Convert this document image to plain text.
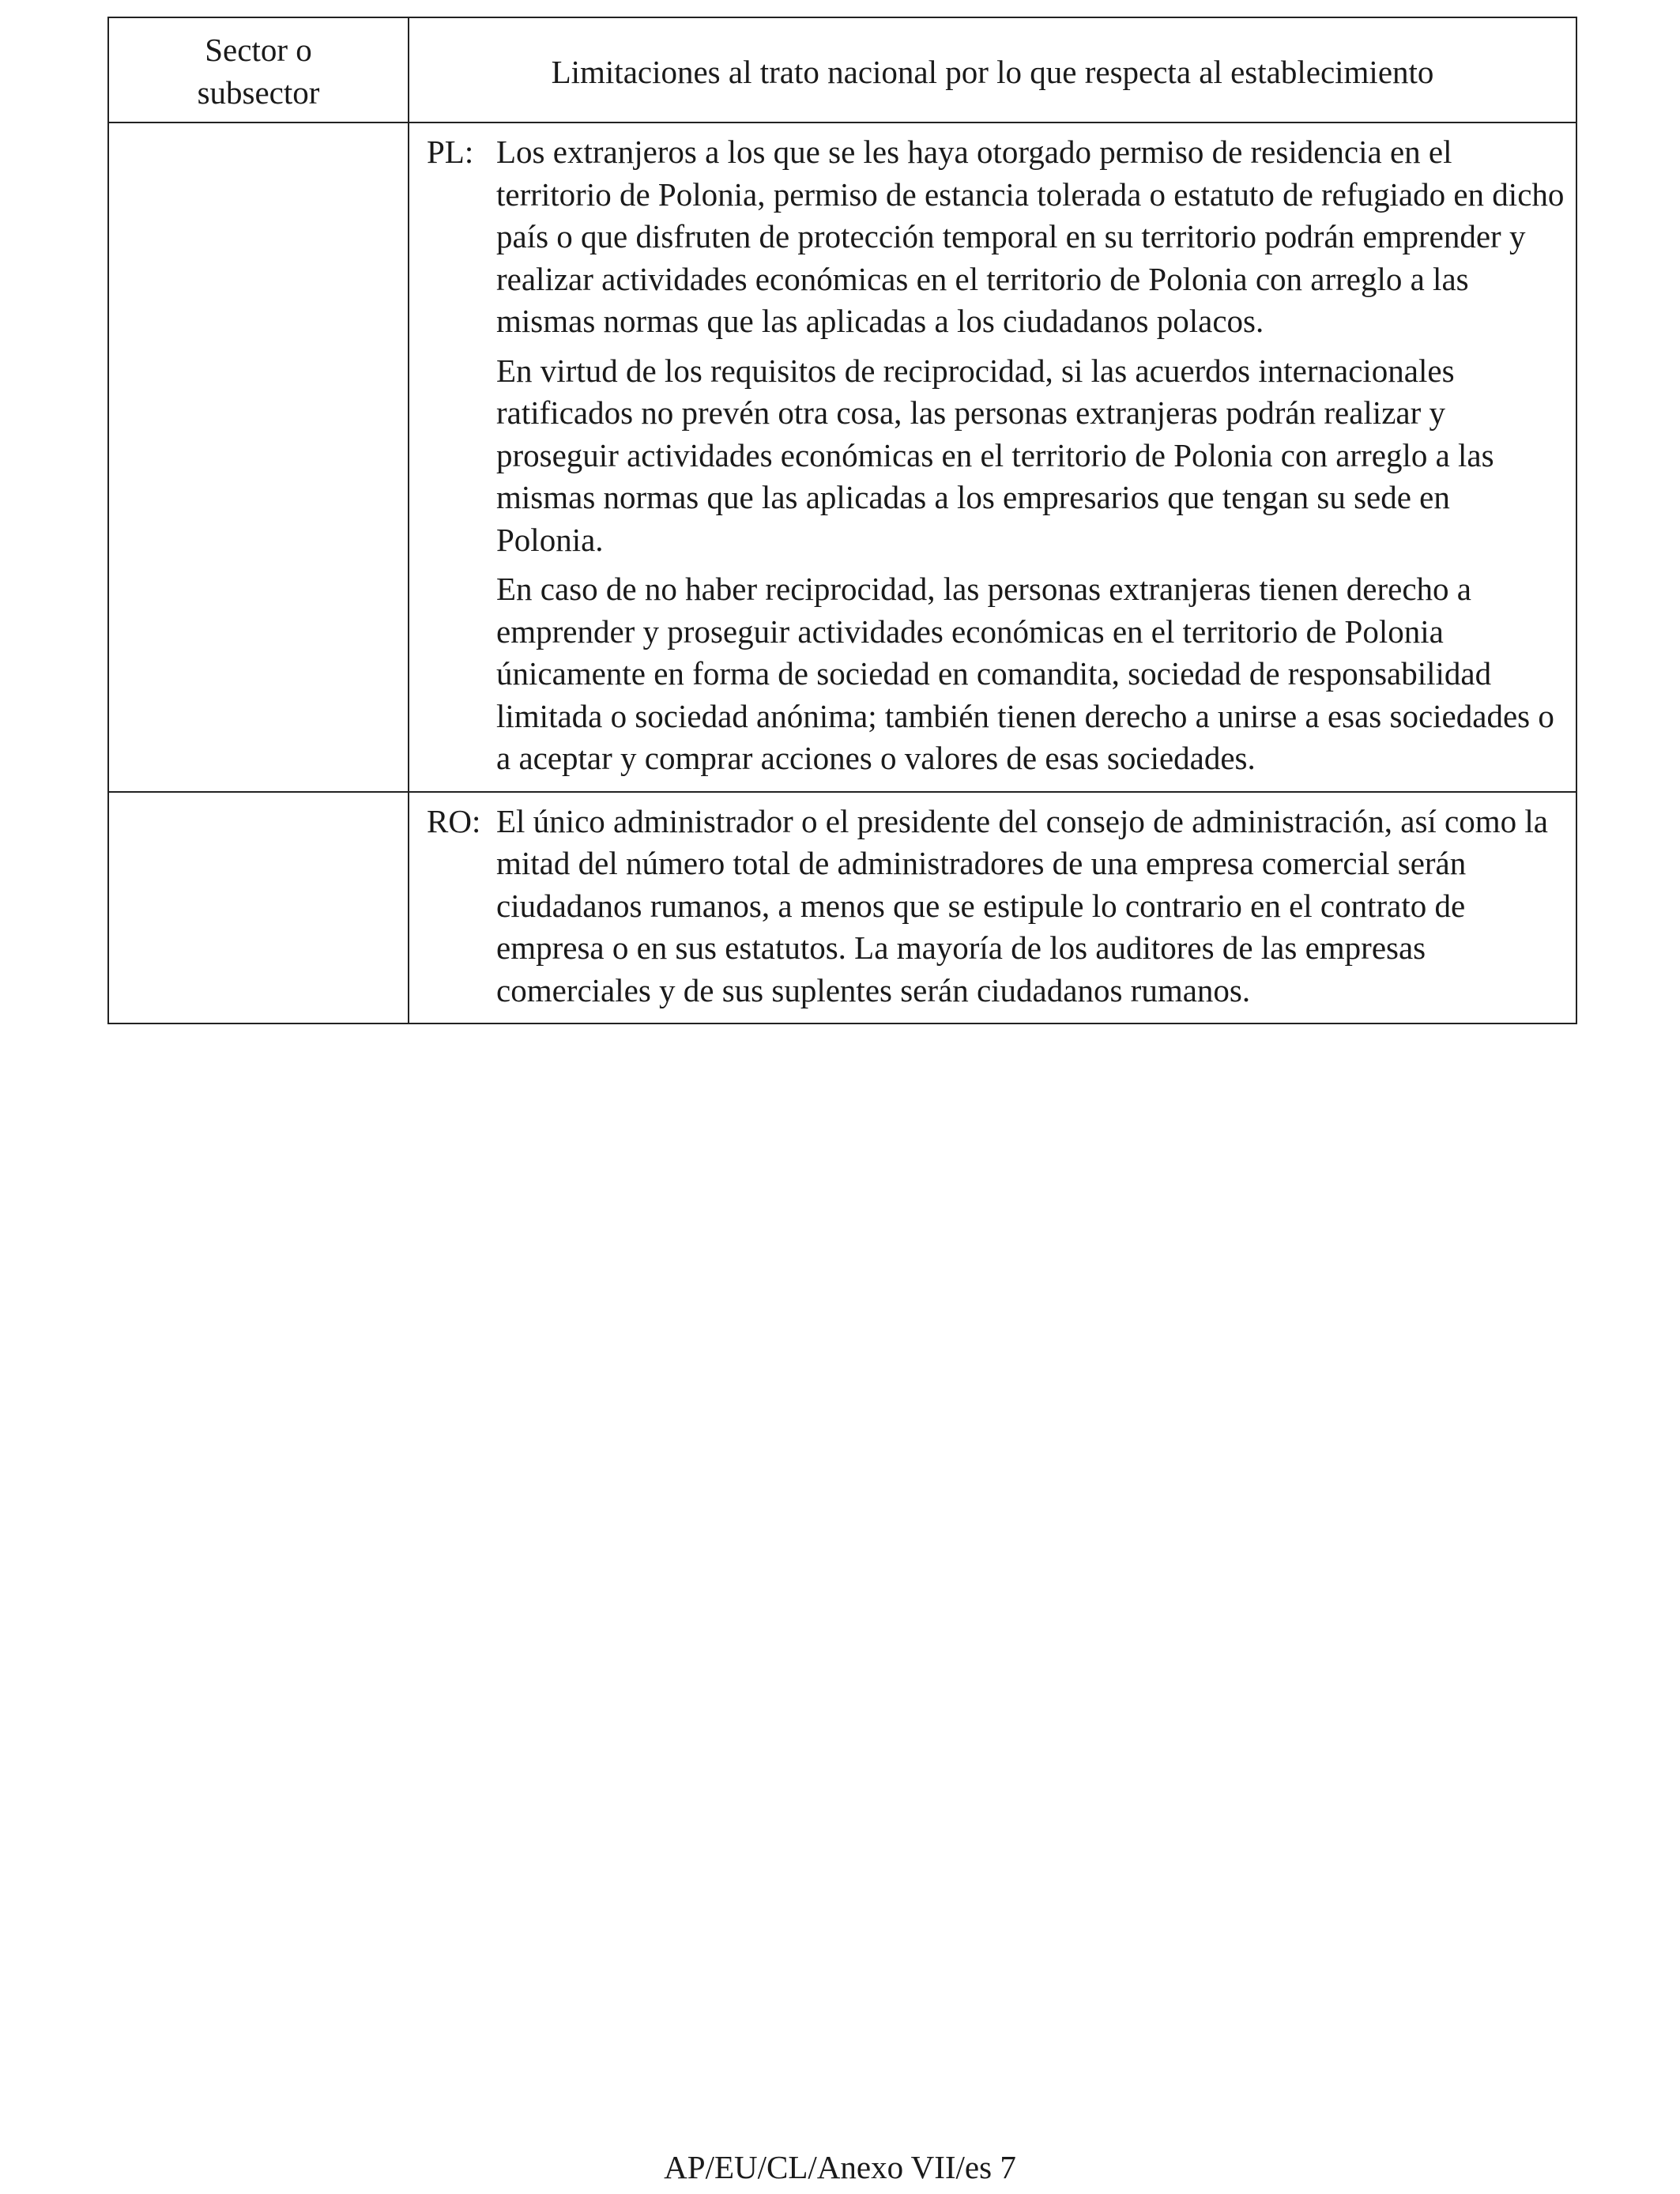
Sector o
subsector	Limitaciones al trato nacional por lo que respecta al establecimiento

	PL: Los extranjeros a los que se les haya otorgado permiso de residencia en el territorio de Polonia, permiso de estancia tolerada o estatuto de refugiado en dicho país o que disfruten de protección temporal en su territorio podrán emprender y realizar actividades económicas en el territorio de Polonia con arreglo a las mismas normas que las aplicadas a los ciudadanos polacos.

En virtud de los requisitos de reciprocidad, si las acuerdos internacionales ratificados no prevén otra cosa, las personas extranjeras podrán realizar y proseguir actividades económicas en el territorio de Polonia con arreglo a las mismas normas que las aplicadas a los empresarios que tengan su sede en Polonia.

En caso de no haber reciprocidad, las personas extranjeras tienen derecho a emprender y proseguir actividades económicas en el territorio de Polonia únicamente en forma de sociedad en comandita, sociedad de responsabilidad limitada o sociedad anónima; también tienen derecho a unirse a esas sociedades o a aceptar y comprar acciones o valores de esas sociedades.

	RO: El único administrador o el presidente del consejo de administración, así como la mitad del número total de administradores de una empresa comercial serán ciudadanos rumanos, a menos que se estipule lo contrario en el contrato de empresa o en sus estatutos. La mayoría de los auditores de las empresas comerciales y de sus suplentes serán ciudadanos rumanos.

AP/EU/CL/Anexo VII/es 7
